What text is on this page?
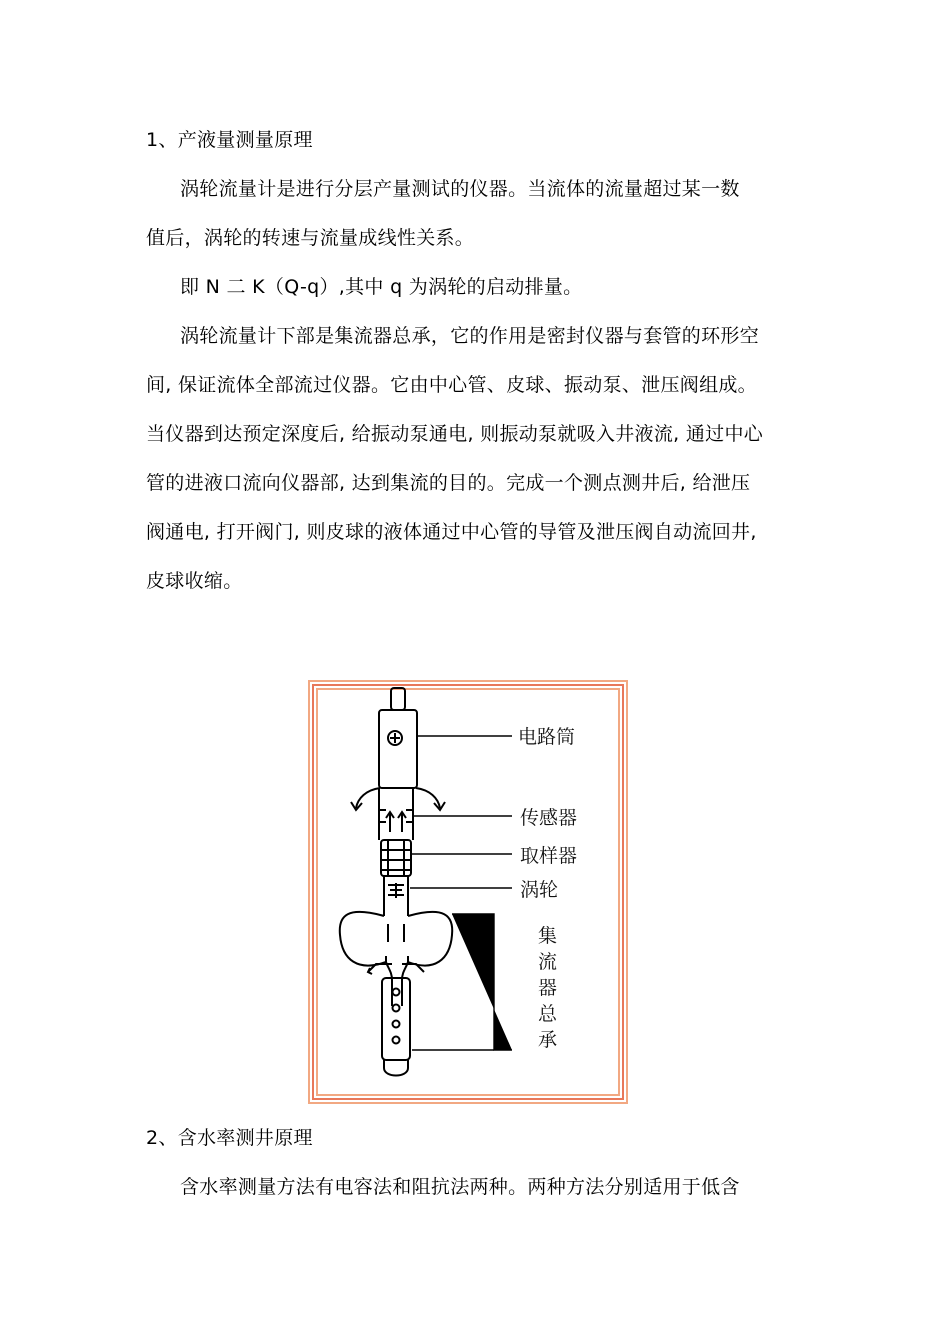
1、产液量测量原理
涡轮流量计是进行分层产量测试的仪器。当流体的流量超过某一数
值后，涡轮的转速与流量成线性关系。
即 N 二 K（Q-q）,其中 q 为涡轮的启动排量。
涡轮流量计下部是集流器总承，它的作用是密封仪器与套管的环形空
间, 保证流体全部流过仪器。它由中心管、皮球、振动泵、泄压阀组成。
当仪器到达预定深度后, 给振动泵通电, 则振动泵就吸入井液流, 通过中心
管的进液口流向仪器部, 达到集流的目的。完成一个测点测井后, 给泄压
阀通电, 打开阀门, 则皮球的液体通过中心管的导管及泄压阀自动流回井,
皮球收缩。
电路筒
传感器
取样器
涡轮
集
流
器
总
承
2、含水率测井原理
含水率测量方法有电容法和阻抗法两种。两种方法分别适用于低含
